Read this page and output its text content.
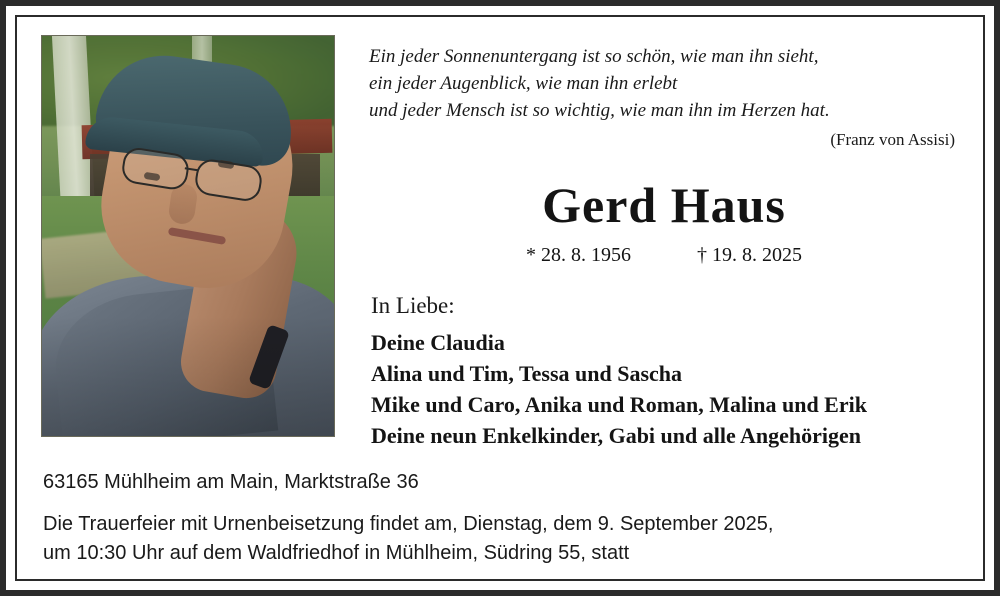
Ein jeder Sonnenuntergang ist so schön, wie man ihn sieht,
ein jeder Augenblick, wie man ihn erlebt
und jeder Mensch ist so wichtig, wie man ihn im Herzen hat.
(Franz von Assisi)
Gerd Haus
* 28. 8. 1956	† 19. 8. 2025
In Liebe:
Deine Claudia
Alina und Tim, Tessa und Sascha
Mike und Caro, Anika und Roman, Malina und Erik
Deine neun Enkelkinder, Gabi und alle Angehörigen
63165 Mühlheim am Main, Marktstraße 36
Die Trauerfeier mit Urnenbeisetzung findet am, Dienstag, dem 9. September 2025,
um 10:30 Uhr auf dem Waldfriedhof in Mühlheim, Südring 55, statt
